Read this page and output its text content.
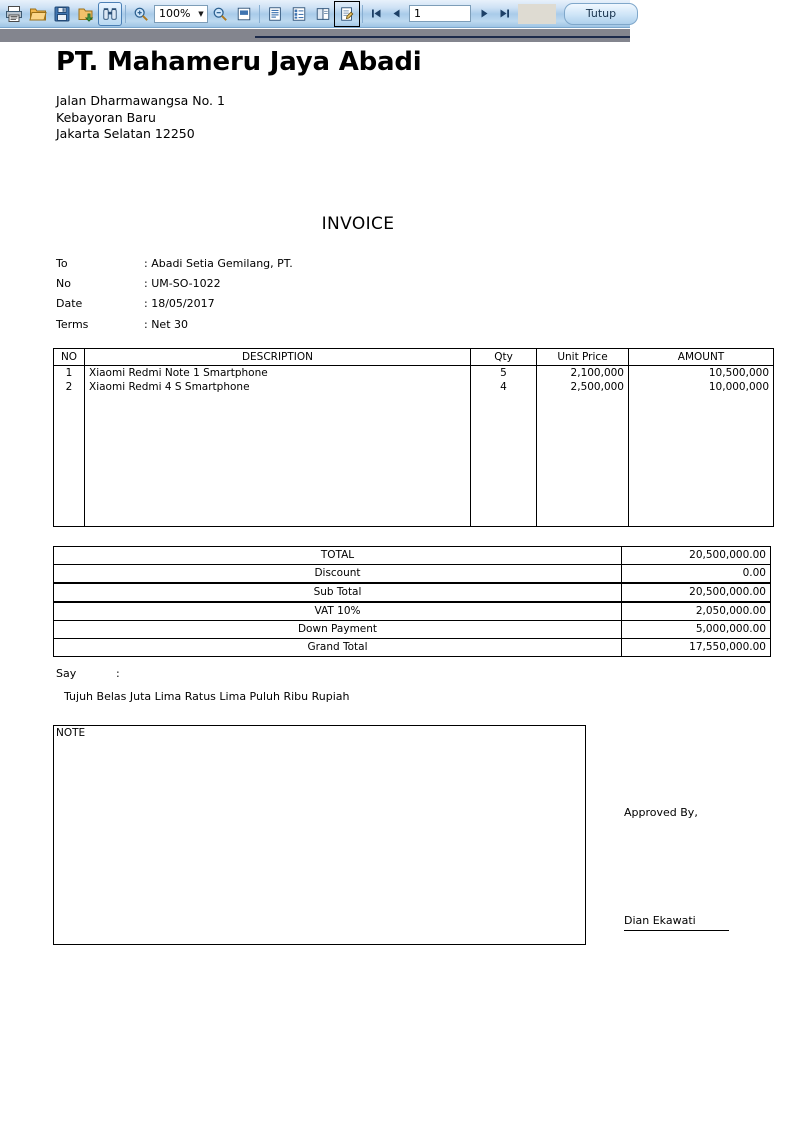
100%	▼	1	Tutup
PT. Mahameru Jaya Abadi
Jalan Dharmawangsa No. 1
Kebayoran Baru
Jakarta Selatan 12250
INVOICE
To	: Abadi Setia Gemilang, PT.
No	: UM-SO-1022
Date	: 18/05/2017
Terms	: Net 30
NO	DESCRIPTION	Qty	Unit Price	AMOUNT
1	Xiaomi Redmi Note 1 Smartphone	5	2,100,000	10,500,000
2	Xiaomi Redmi 4 S Smartphone	4	2,500,000	10,000,000

TOTAL	20,500,000.00
Discount	0.00
Sub Total	20,500,000.00
VAT 10%	2,050,000.00
Down Payment	5,000,000.00
Grand Total	17,550,000.00
Say	:
Tujuh Belas Juta Lima Ratus Lima Puluh Ribu Rupiah
NOTE
Approved By,
Dian Ekawati
